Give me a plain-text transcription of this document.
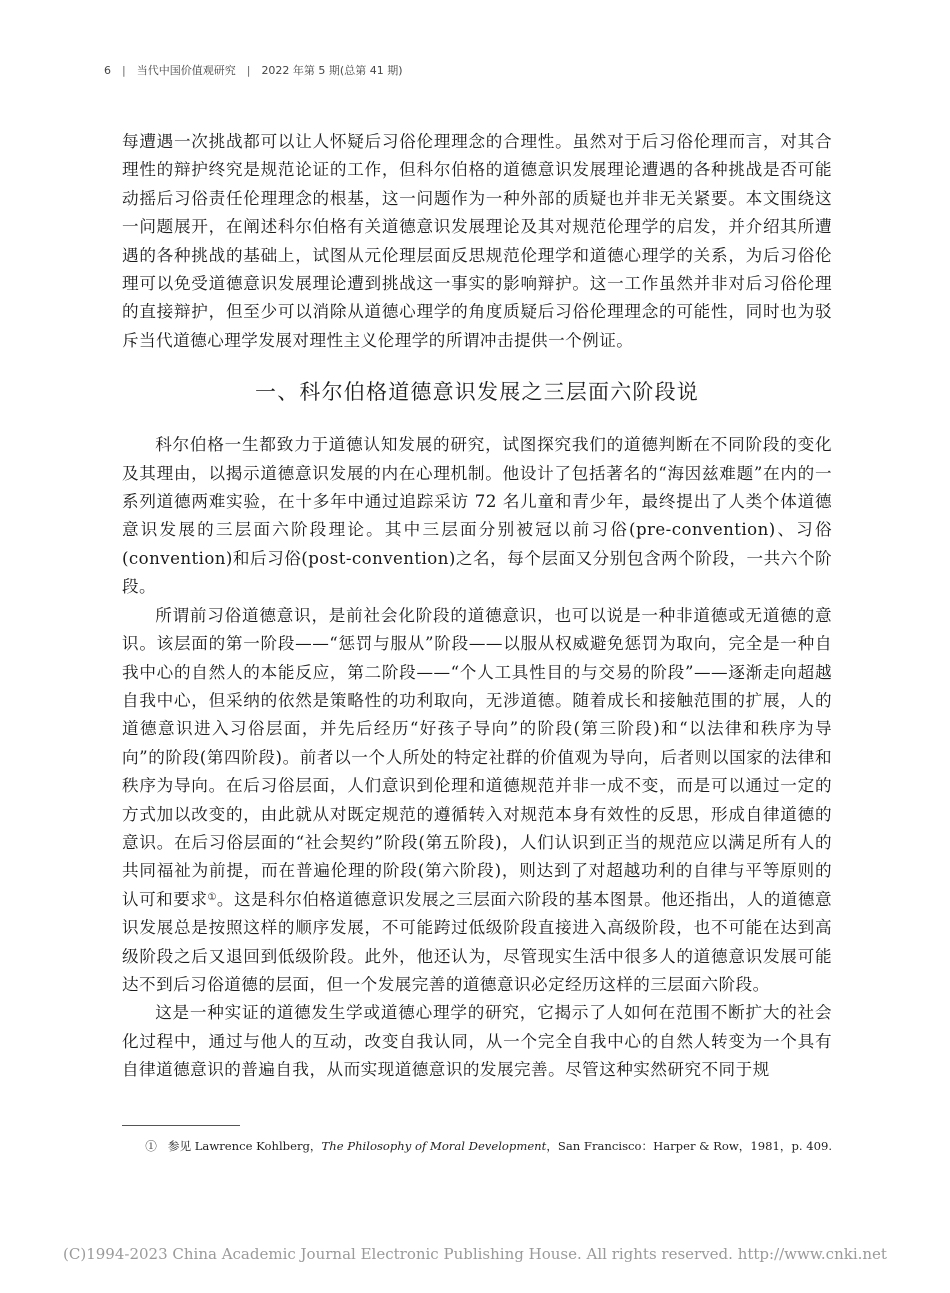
6 | 当代中国价值观研究 | 2022 年第 5 期(总第 41 期)

每遭遇一次挑战都可以让人怀疑后习俗伦理理念的合理性。虽然对于后习俗伦理而言，对其合理性的辩护终究是规范论证的工作，但科尔伯格的道德意识发展理论遭遇的各种挑战是否可能动摇后习俗责任伦理理念的根基，这一问题作为一种外部的质疑也并非无关紧要。本文围绕这一问题展开，在阐述科尔伯格有关道德意识发展理论及其对规范伦理学的启发，并介绍其所遭遇的各种挑战的基础上，试图从元伦理层面反思规范伦理学和道德心理学的关系，为后习俗伦理可以免受道德意识发展理论遭到挑战这一事实的影响辩护。这一工作虽然并非对后习俗伦理的直接辩护，但至少可以消除从道德心理学的角度质疑后习俗伦理理念的可能性，同时也为驳斥当代道德心理学发展对理性主义伦理学的所谓冲击提供一个例证。

一、科尔伯格道德意识发展之三层面六阶段说

科尔伯格一生都致力于道德认知发展的研究，试图探究我们的道德判断在不同阶段的变化及其理由，以揭示道德意识发展的内在心理机制。他设计了包括著名的“海因兹难题”在内的一系列道德两难实验，在十多年中通过追踪采访 72 名儿童和青少年，最终提出了人类个体道德意识发展的三层面六阶段理论。其中三层面分别被冠以前习俗(pre-convention)、习俗(convention)和后习俗(post-convention)之名，每个层面又分别包含两个阶段，一共六个阶段。

所谓前习俗道德意识，是前社会化阶段的道德意识，也可以说是一种非道德或无道德的意识。该层面的第一阶段——“惩罚与服从”阶段——以服从权威避免惩罚为取向，完全是一种自我中心的自然人的本能反应，第二阶段——“个人工具性目的与交易的阶段”——逐渐走向超越自我中心，但采纳的依然是策略性的功利取向，无涉道德。随着成长和接触范围的扩展，人的道德意识进入习俗层面，并先后经历“好孩子导向”的阶段(第三阶段)和“以法律和秩序为导向”的阶段(第四阶段)。前者以一个人所处的特定社群的价值观为导向，后者则以国家的法律和秩序为导向。在后习俗层面，人们意识到伦理和道德规范并非一成不变，而是可以通过一定的方式加以改变的，由此就从对既定规范的遵循转入对规范本身有效性的反思，形成自律道德的意识。在后习俗层面的“社会契约”阶段(第五阶段)，人们认识到正当的规范应以满足所有人的共同福祉为前提，而在普遍伦理的阶段(第六阶段)，则达到了对超越功利的自律与平等原则的认可和要求①。这是科尔伯格道德意识发展之三层面六阶段的基本图景。他还指出，人的道德意识发展总是按照这样的顺序发展，不可能跨过低级阶段直接进入高级阶段，也不可能在达到高级阶段之后又退回到低级阶段。此外，他还认为，尽管现实生活中很多人的道德意识发展可能达不到后习俗道德的层面，但一个发展完善的道德意识必定经历这样的三层面六阶段。

这是一种实证的道德发生学或道德心理学的研究，它揭示了人如何在范围不断扩大的社会化过程中，通过与他人的互动，改变自我认同，从一个完全自我中心的自然人转变为一个具有自律道德意识的普遍自我，从而实现道德意识的发展完善。尽管这种实然研究不同于规

① 参见 Lawrence Kohlberg，The Philosophy of Moral Development，San Francisco：Harper & Row，1981，p. 409.
(C)1994-2023 China Academic Journal Electronic Publishing House. All rights reserved. http://www.cnki.net
